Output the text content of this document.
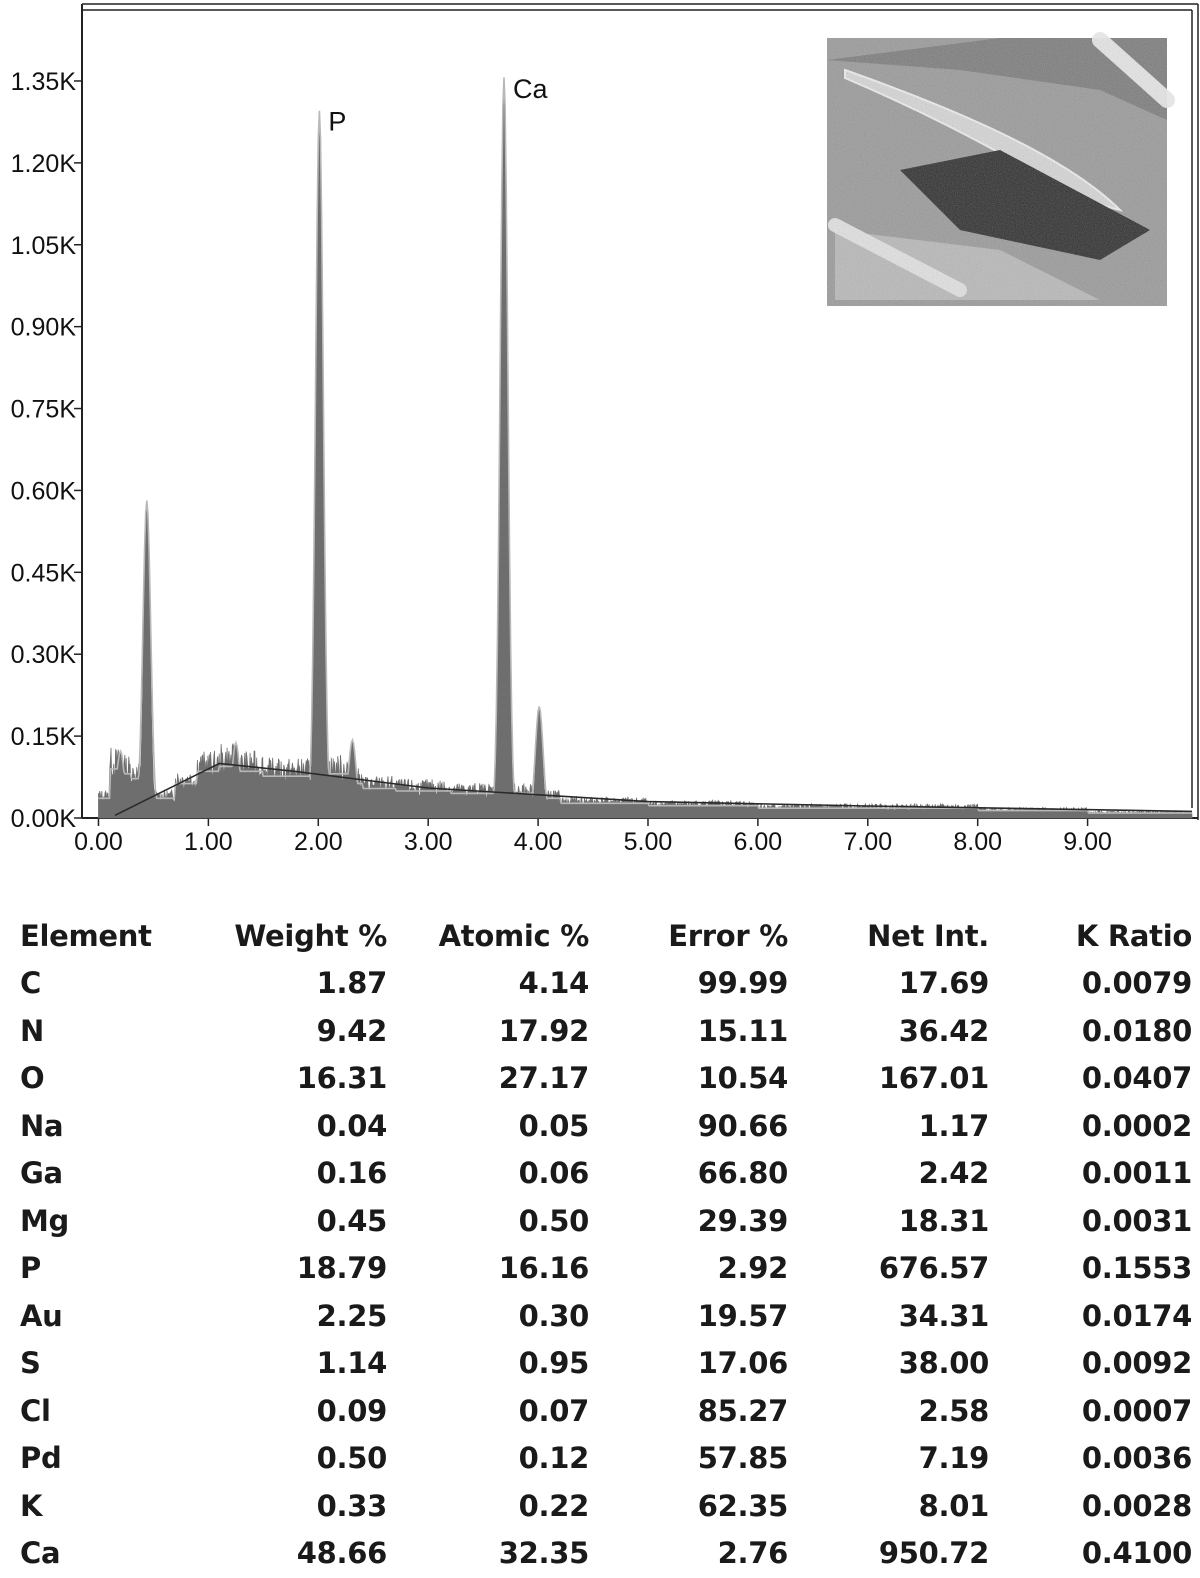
0.00K
0.15K
0.30K
0.45K
0.60K
0.75K
0.90K
1.05K
1.20K
1.35K
0.00 1.00 2.00 3.00 4.00 5.00 6.00 7.00 8.00 9.00
P
Ca
Element	Weight %	Atomic %	Error %	Net Int.	K Ratio
C	1.87	4.14	99.99	17.69	0.0079
N	9.42	17.92	15.11	36.42	0.0180
O	16.31	27.17	10.54	167.01	0.0407
Na	0.04	0.05	90.66	1.17	0.0002
Ga	0.16	0.06	66.80	2.42	0.0011
Mg	0.45	0.50	29.39	18.31	0.0031
P	18.79	16.16	2.92	676.57	0.1553
Au	2.25	0.30	19.57	34.31	0.0174
S	1.14	0.95	17.06	38.00	0.0092
Cl	0.09	0.07	85.27	2.58	0.0007
Pd	0.50	0.12	57.85	7.19	0.0036
K	0.33	0.22	62.35	8.01	0.0028
Ca	48.66	32.35	2.76	950.72	0.4100
